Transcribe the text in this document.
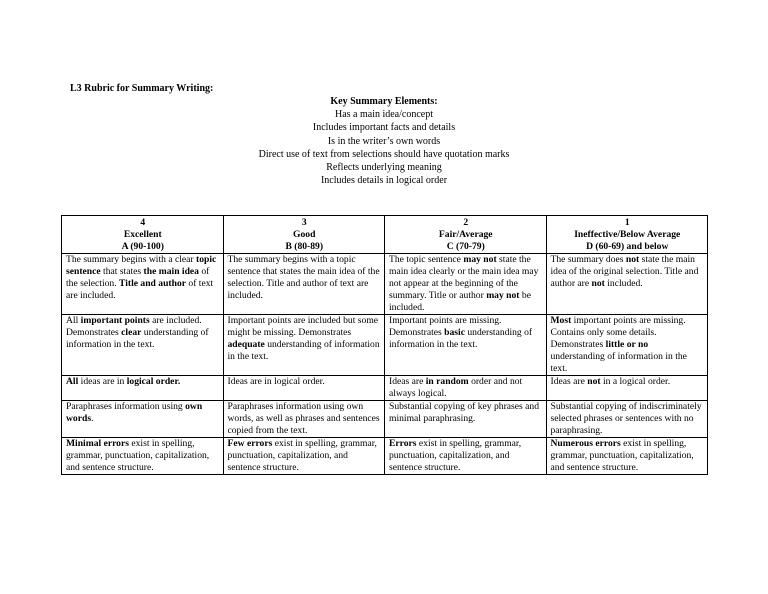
L3 Rubric for Summary Writing:
Key Summary Elements:
Has a main idea/concept
Includes important facts and details
Is in the writer’s own words
Direct use of text from selections should have quotation marks
Reflects underlying meaning
Includes details in logical order
4
Excellent
A (90-100)	3
Good
B (80-89)	2
Fair/Average
C (70-79)	1
Ineffective/Below Average
D (60-69) and below

The summary begins with a clear topic sentence that states the main idea of the selection. Title and author of text are included.	The summary begins with a topic sentence that states the main idea of the selection. Title and author of text are included.	The topic sentence may not state the main idea clearly or the main idea may not appear at the beginning of the summary. Title or author may not be included.	The summary does not state the main idea of the original selection. Title and author are not included.
All important points are included. Demonstrates clear understanding of information in the text.	Important points are included but some might be missing. Demonstrates adequate understanding of information in the text.	Important points are missing. Demonstrates basic understanding of information in the text.	Most important points are missing. Contains only some details. Demonstrates little or no understanding of information in the text.
All ideas are in logical order.	Ideas are in logical order.	Ideas are in random order and not always logical.	Ideas are not in a logical order.
Paraphrases information using own words.	Paraphrases information using own words, as well as phrases and sentences copied from the text.	Substantial copying of key phrases and minimal paraphrasing.	Substantial copying of indiscriminately selected phrases or sentences with no paraphrasing.
Minimal errors exist in spelling, grammar, punctuation, capitalization, and sentence structure.	Few errors exist in spelling, grammar, punctuation, capitalization, and sentence structure.	Errors exist in spelling, grammar, punctuation, capitalization, and sentence structure.	Numerous errors exist in spelling, grammar, punctuation, capitalization, and sentence structure.
